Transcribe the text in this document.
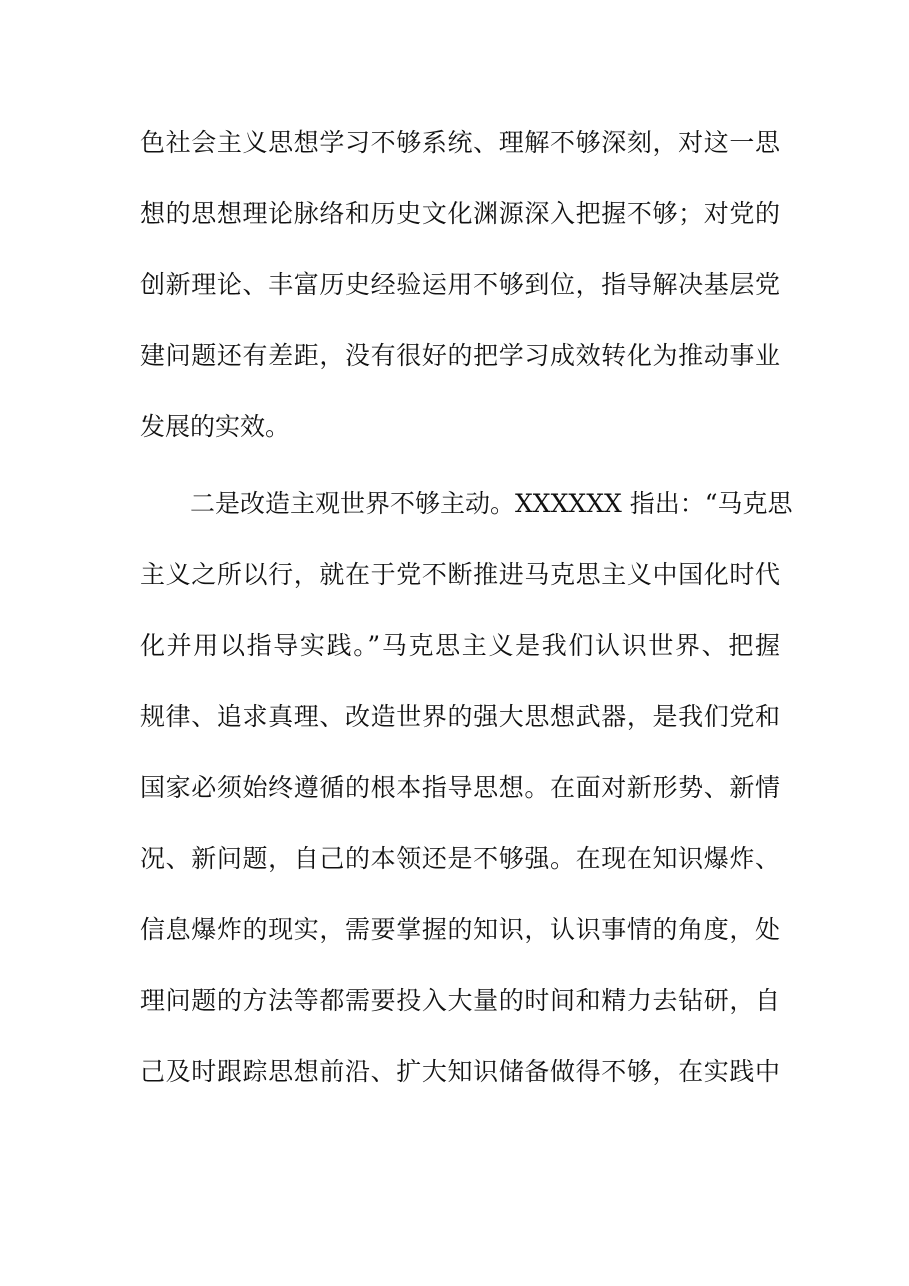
色社会主义思想学习不够系统、理解不够深刻，对这一思
想的思想理论脉络和历史文化渊源深入把握不够；对党的
创新理论、丰富历史经验运用不够到位，指导解决基层党
建问题还有差距，没有很好的把学习成效转化为推动事业
发展的实效。
二是改造主观世界不够主动。XXXXXX 指出：“马克思
主义之所以行，就在于党不断推进马克思主义中国化时代
化并用以指导实践。”马克思主义是我们认识世界、把握
规律、追求真理、改造世界的强大思想武器，是我们党和
国家必须始终遵循的根本指导思想。在面对新形势、新情
况、新问题，自己的本领还是不够强。在现在知识爆炸、
信息爆炸的现实，需要掌握的知识，认识事情的角度，处
理问题的方法等都需要投入大量的时间和精力去钻研，自
己及时跟踪思想前沿、扩大知识储备做得不够，在实践中
